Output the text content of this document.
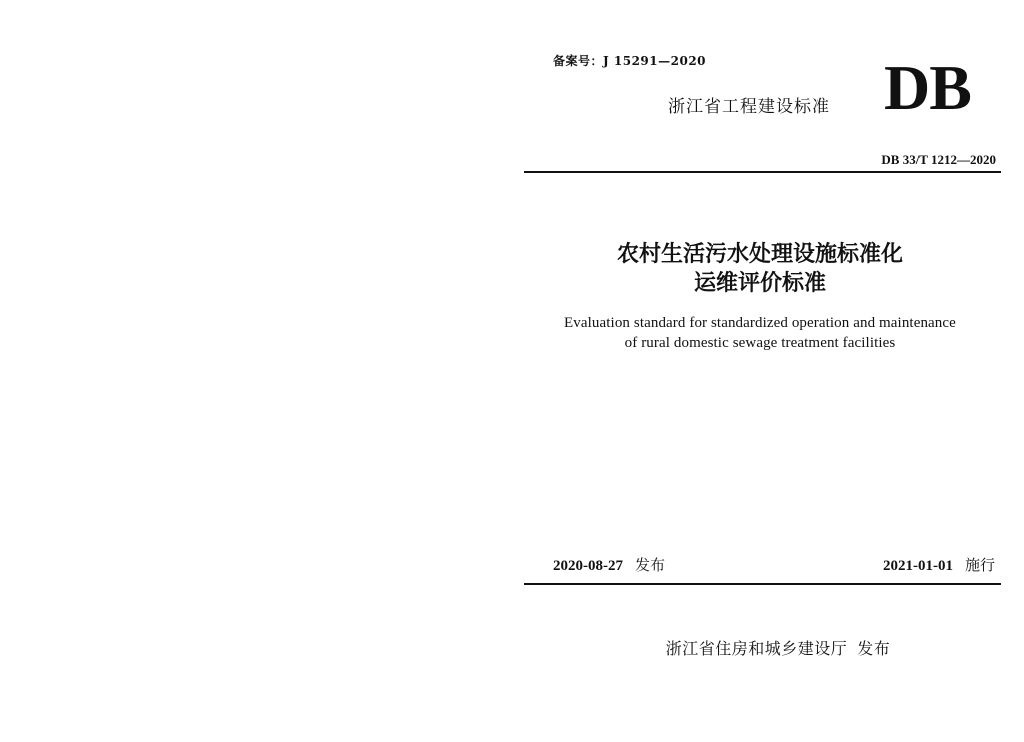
备案号：J 15291—2020
浙江省工程建设标准 DB
DB 33/T 1212—2020
农村生活污水处理设施标准化
运维评价标准
Evaluation standard for standardized operation and maintenance
of rural domestic sewage treatment facilities
2020-08-27 发布	2021-01-01 施行
浙江省住房和城乡建设厅 发布
